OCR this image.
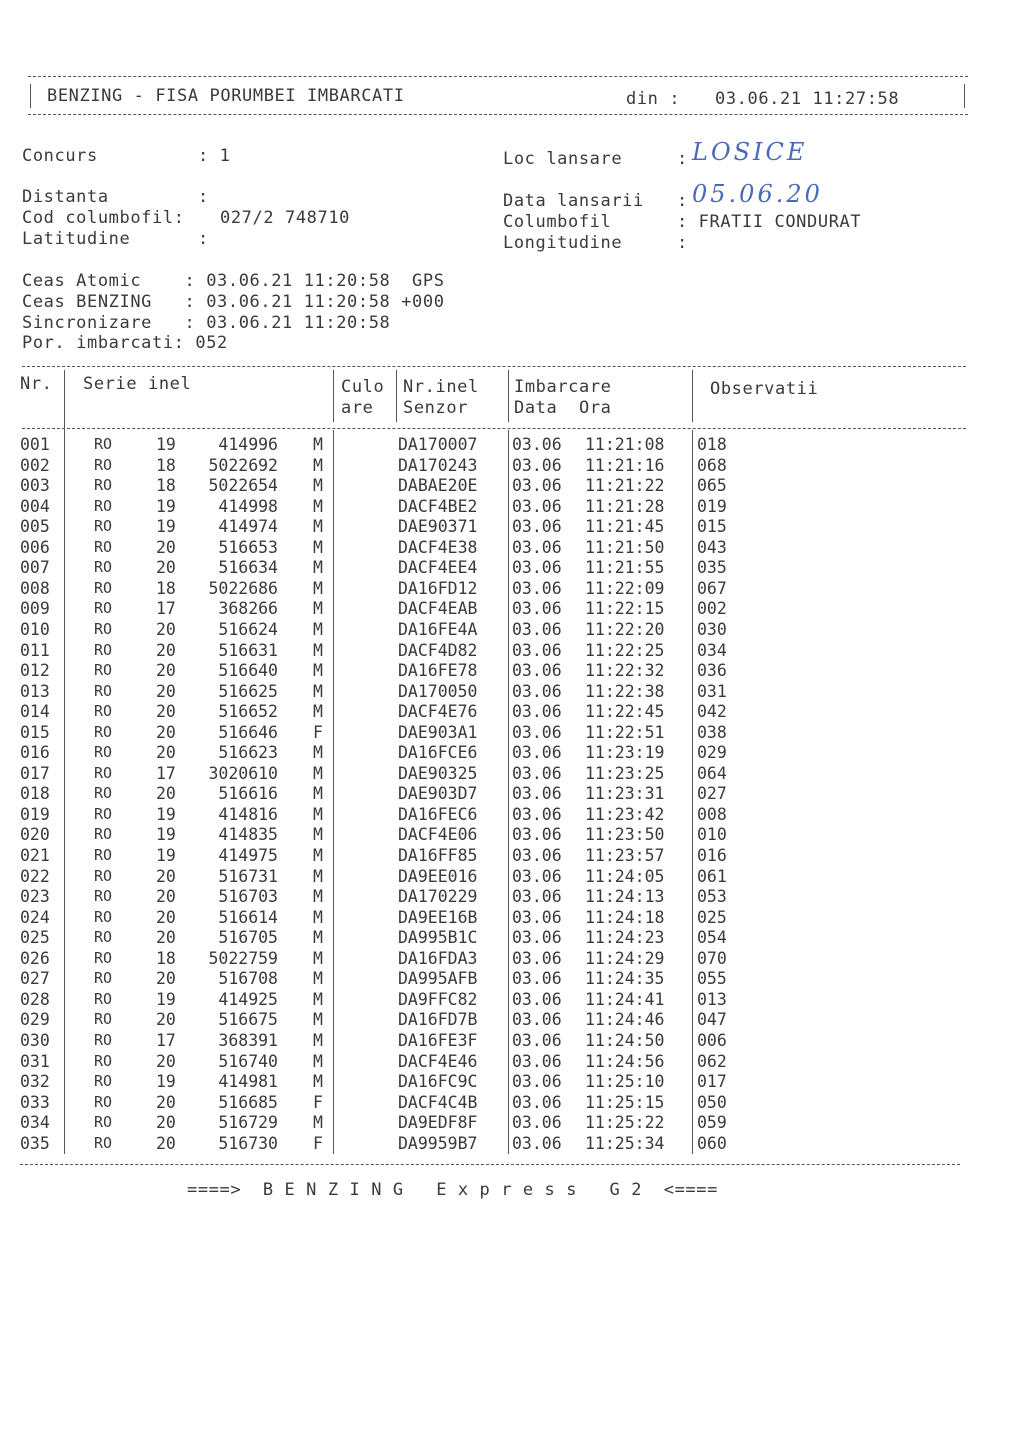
BENZING - FISA PORUMBEI IMBARCATI	din : 03.06.21 11:27:58
Concurs	: 1
Distanta	:
Cod columbofil: 027/2 748710
Latitudine	:
Loc lansare	: LOSICE
Data lansarii : 05.06.20
Columbofil	: FRATII CONDURAT
Longitudine	:
Ceas Atomic    : 03.06.21 11:20:58  GPS
Ceas BENZING   : 03.06.21 11:20:58 +000
Sincronizare   : 03.06.21 11:20:58
Por. imbarcati: 052
Nr. Serie inel	Culo
are
Nr.inel
Senzor
Imbarcare
Data  Ora
Observatii
001	RO	19	414996 M	DA170007 03.06 11:21:08 018
002	RO	18	5022692 M	DA170243 03.06 11:21:16 068
003	RO	18	5022654 M	DABAE20E 03.06 11:21:22 065
004	RO	19	414998 M	DACF4BE2 03.06 11:21:28 019
005	RO	19	414974 M	DAE90371 03.06 11:21:45 015
006	RO	20	516653 M	DACF4E38 03.06 11:21:50 043
007	RO	20	516634 M	DACF4EE4 03.06 11:21:55 035
008	RO	18	5022686 M	DA16FD12 03.06 11:22:09 067
009	RO	17	368266 M	DACF4EAB 03.06 11:22:15 002
010	RO	20	516624 M	DA16FE4A 03.06 11:22:20 030
011	RO	20	516631 M	DACF4D82 03.06 11:22:25 034
012	RO	20	516640 M	DA16FE78 03.06 11:22:32 036
013	RO	20	516625 M	DA170050 03.06 11:22:38 031
014	RO	20	516652 M	DACF4E76 03.06 11:22:45 042
015	RO	20	516646 F	DAE903A1 03.06 11:22:51 038
016	RO	20	516623 M	DA16FCE6 03.06 11:23:19 029
017	RO	17	3020610 M	DAE90325 03.06 11:23:25 064
018	RO	20	516616 M	DAE903D7 03.06 11:23:31 027
019	RO	19	414816 M	DA16FEC6 03.06 11:23:42 008
020	RO	19	414835 M	DACF4E06 03.06 11:23:50 010
021	RO	19	414975 M	DA16FF85 03.06 11:23:57 016
022	RO	20	516731 M	DA9EE016 03.06 11:24:05 061
023	RO	20	516703 M	DA170229 03.06 11:24:13 053
024	RO	20	516614 M	DA9EE16B 03.06 11:24:18 025
025	RO	20	516705 M	DA995B1C 03.06 11:24:23 054
026	RO	18	5022759 M	DA16FDA3 03.06 11:24:29 070
027	RO	20	516708 M	DA995AFB 03.06 11:24:35 055
028	RO	19	414925 M	DA9FFC82 03.06 11:24:41 013
029	RO	20	516675 M	DA16FD7B 03.06 11:24:46 047
030	RO	17	368391 M	DA16FE3F 03.06 11:24:50 006
031	RO	20	516740 M	DACF4E46 03.06 11:24:56 062
032	RO	19	414981 M	DA16FC9C 03.06 11:25:10 017
033	RO	20	516685 F	DACF4C4B 03.06 11:25:15 050
034	RO	20	516729 M	DA9EDF8F 03.06 11:25:22 059
035	RO	20	516730 F	DA9959B7 03.06 11:25:34 060
====>  B E N Z I N G   E x p r e s s   G 2  <====
